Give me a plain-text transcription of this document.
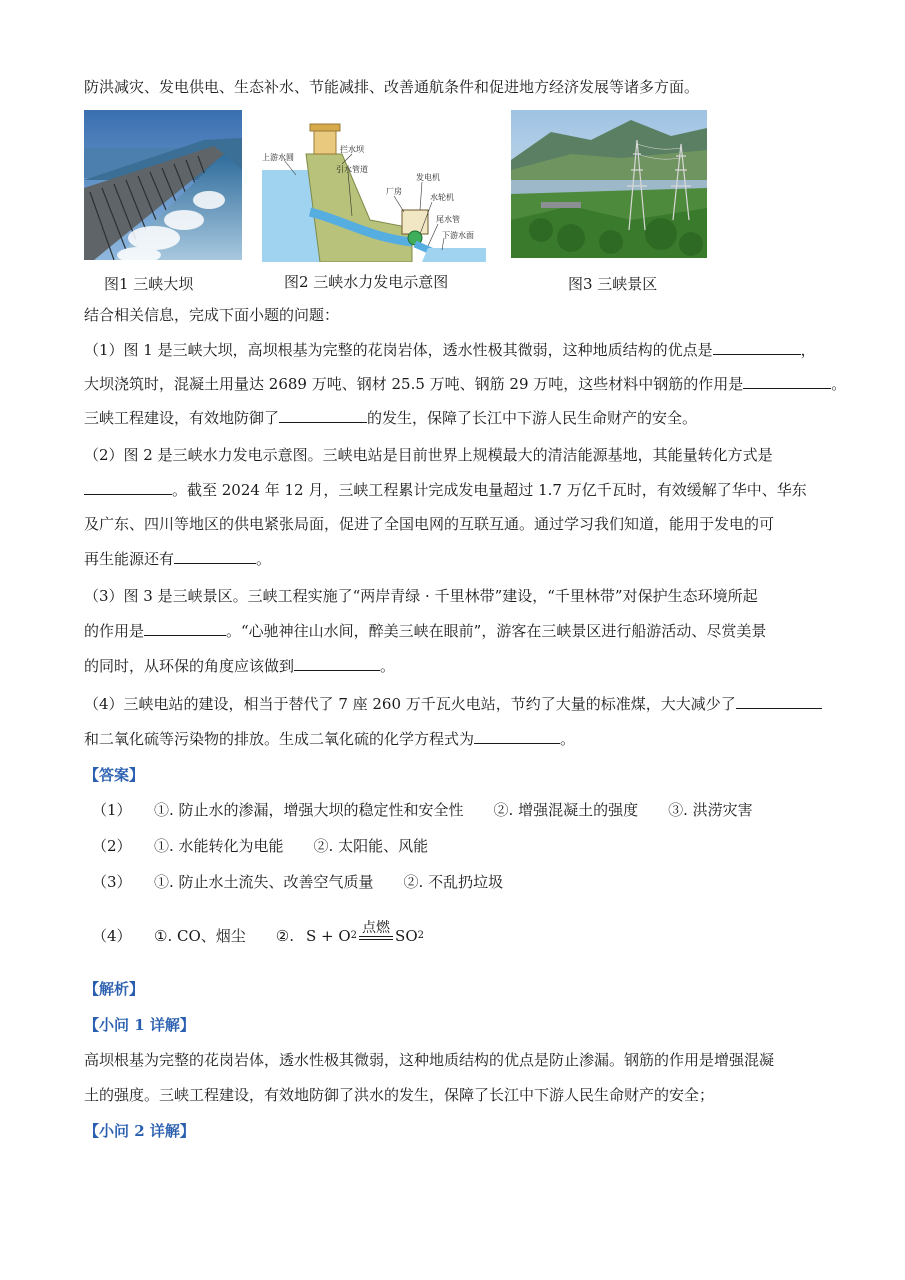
防洪减灾、发电供电、生态补水、节能减排、改善通航条件和促进地方经济发展等诸多方面。
图1 三峡大坝
上游水圆
拦水坝
引水管道
厂房
发电机
水轮机
尾水管
下游水面
图2 三峡水力发电示意图	图3 三峡景区
结合相关信息，完成下面小题的问题：
（1）图 1 是三峡大坝，高坝根基为完整的花岗岩体，透水性极其微弱，这种地质结构的优点是	，
大坝浇筑时，混凝土用量达 2689 万吨、钢材 25.5 万吨、钢筋 29 万吨，这些材料中钢筋的作用是	。
三峡工程建设，有效地防御了	的发生，保障了长江中下游人民生命财产的安全。
（2）图 2 是三峡水力发电示意图。三峡电站是目前世界上规模最大的清洁能源基地，其能量转化方式是
。截至 2024 年 12 月，三峡工程累计完成发电量超过 1.7 万亿千瓦时，有效缓解了华中、华东
及广东、四川等地区的供电紧张局面，促进了全国电网的互联互通。通过学习我们知道，能用于发电的可
再生能源还有	。
（3）图 3 是三峡景区。三峡工程实施了“两岸青绿 · 千里林带”建设，“千里林带”对保护生态环境所起
的作用是	。“心驰神往山水间，醉美三峡在眼前”，游客在三峡景区进行船游活动、尽赏美景
的同时，从环保的角度应该做到	。
（4）三峡电站的建设，相当于替代了 7 座 260 万千瓦火电站，节约了大量的标准煤，大大减少了
和二氧化硫等污染物的排放。生成二氧化硫的化学方程式为	。
【答案】
（1） ①. 防止水的渗漏，增强大坝的稳定性和安全性 ②. 增强混凝土的强度 ③. 洪涝灾害
（2） ①. 水能转化为电能 ②. 太阳能、风能
（3） ①. 防止水土流失、改善空气质量 ②. 不乱扔垃圾
（4）	①. CO、烟尘 ②. S + O 2 点燃 SO 2
【解析】
【小问 1 详解】
高坝根基为完整的花岗岩体，透水性极其微弱，这种地质结构的优点是防止渗漏。钢筋的作用是增强混凝
土的强度。三峡工程建设，有效地防御了洪水的发生，保障了长江中下游人民生命财产的安全；
【小问 2 详解】
